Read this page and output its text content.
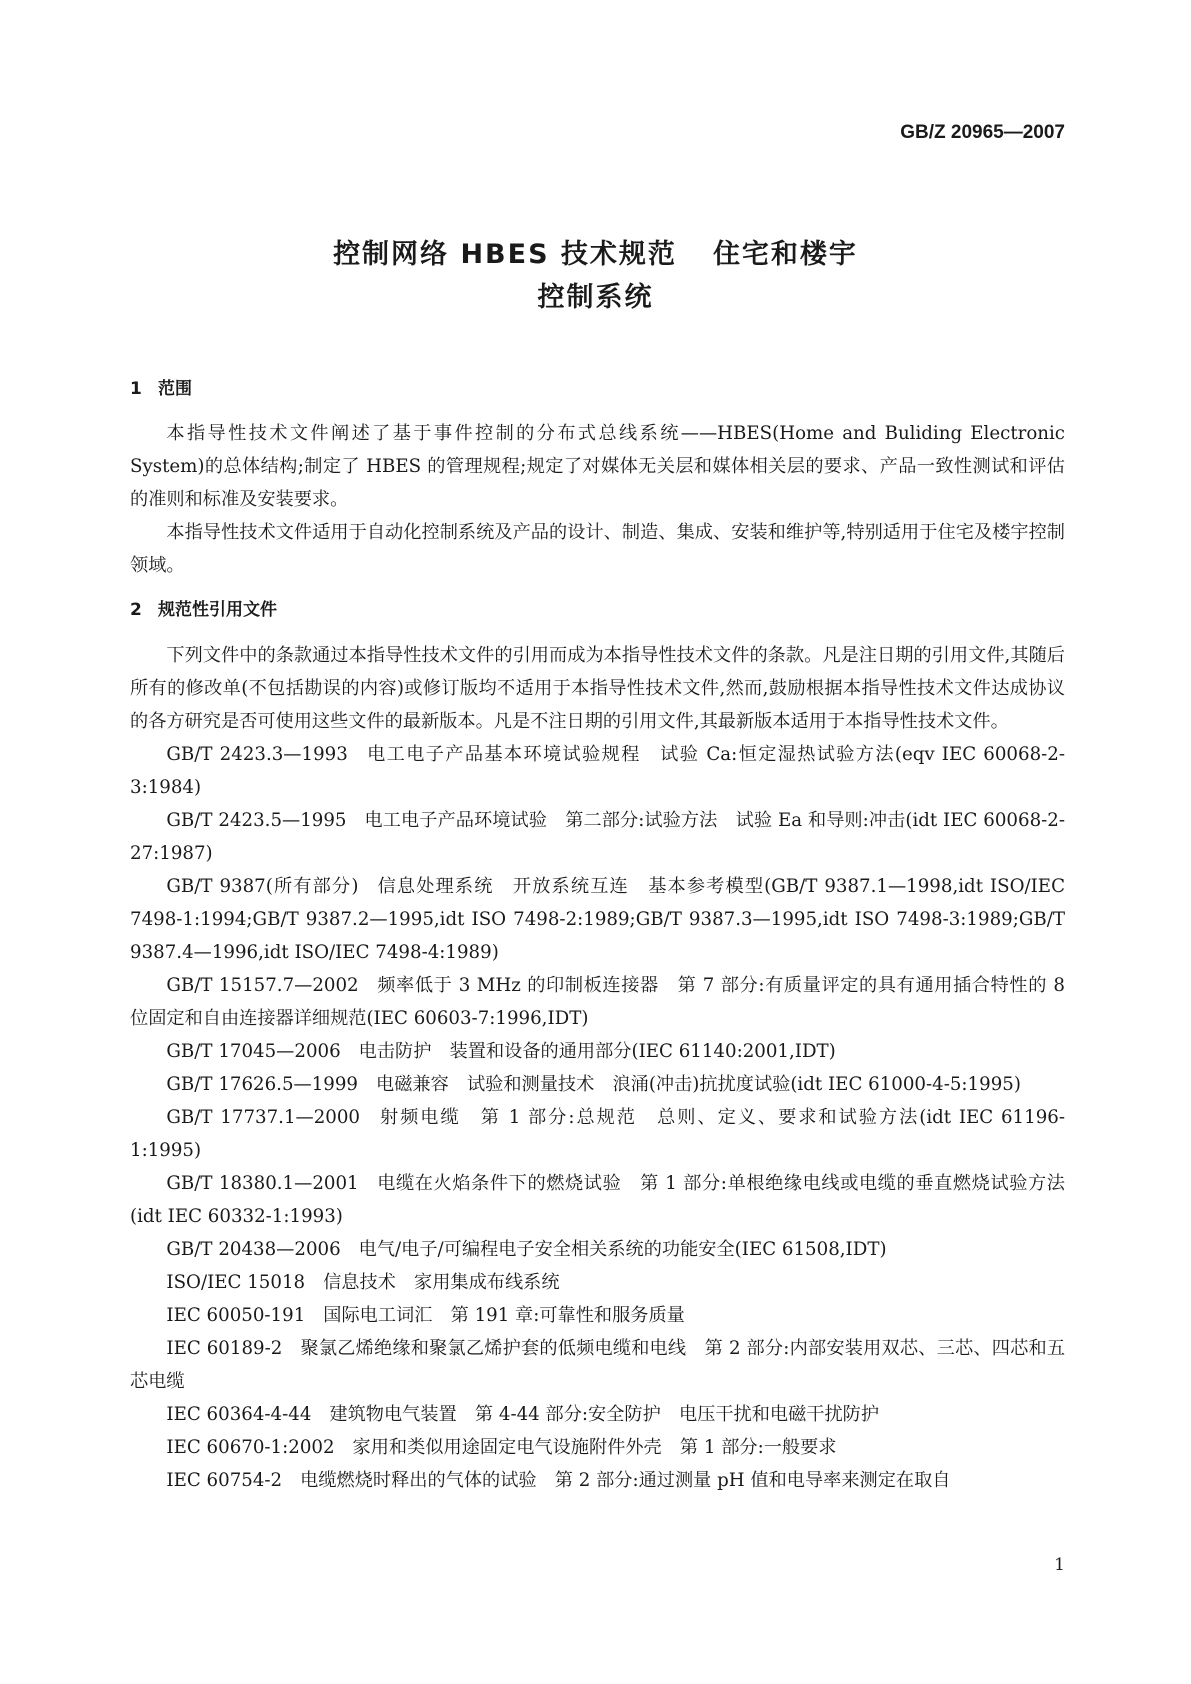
GB/Z 20965—2007
控制网络 HBES 技术规范 住宅和楼宇
控制系统
1 范围

本指导性技术文件阐述了基于事件控制的分布式总线系统——HBES(Home and Buliding Electronic System)的总体结构;制定了 HBES 的管理规程;规定了对媒体无关层和媒体相关层的要求、产品一致性测试和评估的准则和标准及安装要求。

本指导性技术文件适用于自动化控制系统及产品的设计、制造、集成、安装和维护等,特别适用于住宅及楼宇控制领域。

2 规范性引用文件

下列文件中的条款通过本指导性技术文件的引用而成为本指导性技术文件的条款。凡是注日期的引用文件,其随后所有的修改单(不包括勘误的内容)或修订版均不适用于本指导性技术文件,然而,鼓励根据本指导性技术文件达成协议的各方研究是否可使用这些文件的最新版本。凡是不注日期的引用文件,其最新版本适用于本指导性技术文件。

GB/T 2423.3—1993 电工电子产品基本环境试验规程　试验 Ca:恒定湿热试验方法(eqv IEC 60068-2-3:1984)

GB/T 2423.5—1995 电工电子产品环境试验　第二部分:试验方法　试验 Ea 和导则:冲击(idt IEC 60068-2-27:1987)

GB/T 9387(所有部分) 信息处理系统　开放系统互连　基本参考模型(GB/T 9387.1—1998,idt ISO/IEC 7498-1:1994;GB/T 9387.2—1995,idt ISO 7498-2:1989;GB/T 9387.3—1995,idt ISO 7498-3:1989;GB/T 9387.4—1996,idt ISO/IEC 7498-4:1989)

GB/T 15157.7—2002 频率低于 3 MHz 的印制板连接器　第 7 部分:有质量评定的具有通用插合特性的 8 位固定和自由连接器详细规范(IEC 60603-7:1996,IDT)

GB/T 17045—2006 电击防护　装置和设备的通用部分(IEC 61140:2001,IDT)

GB/T 17626.5—1999 电磁兼容　试验和测量技术　浪涌(冲击)抗扰度试验(idt IEC 61000-4-5:1995)

GB/T 17737.1—2000 射频电缆　第 1 部分:总规范　总则、定义、要求和试验方法(idt IEC 61196-1:1995)

GB/T 18380.1—2001 电缆在火焰条件下的燃烧试验　第 1 部分:单根绝缘电线或电缆的垂直燃烧试验方法(idt IEC 60332-1:1993)

GB/T 20438—2006 电气/电子/可编程电子安全相关系统的功能安全(IEC 61508,IDT)

ISO/IEC 15018 信息技术　家用集成布线系统

IEC 60050-191 国际电工词汇　第 191 章:可靠性和服务质量

IEC 60189-2 聚氯乙烯绝缘和聚氯乙烯护套的低频电缆和电线　第 2 部分:内部安装用双芯、三芯、四芯和五芯电缆

IEC 60364-4-44 建筑物电气装置　第 4-44 部分:安全防护　电压干扰和电磁干扰防护

IEC 60670-1:2002 家用和类似用途固定电气设施附件外壳　第 1 部分:一般要求

IEC 60754-2 电缆燃烧时释出的气体的试验　第 2 部分:通过测量 pH 值和电导率来测定在取自

1
